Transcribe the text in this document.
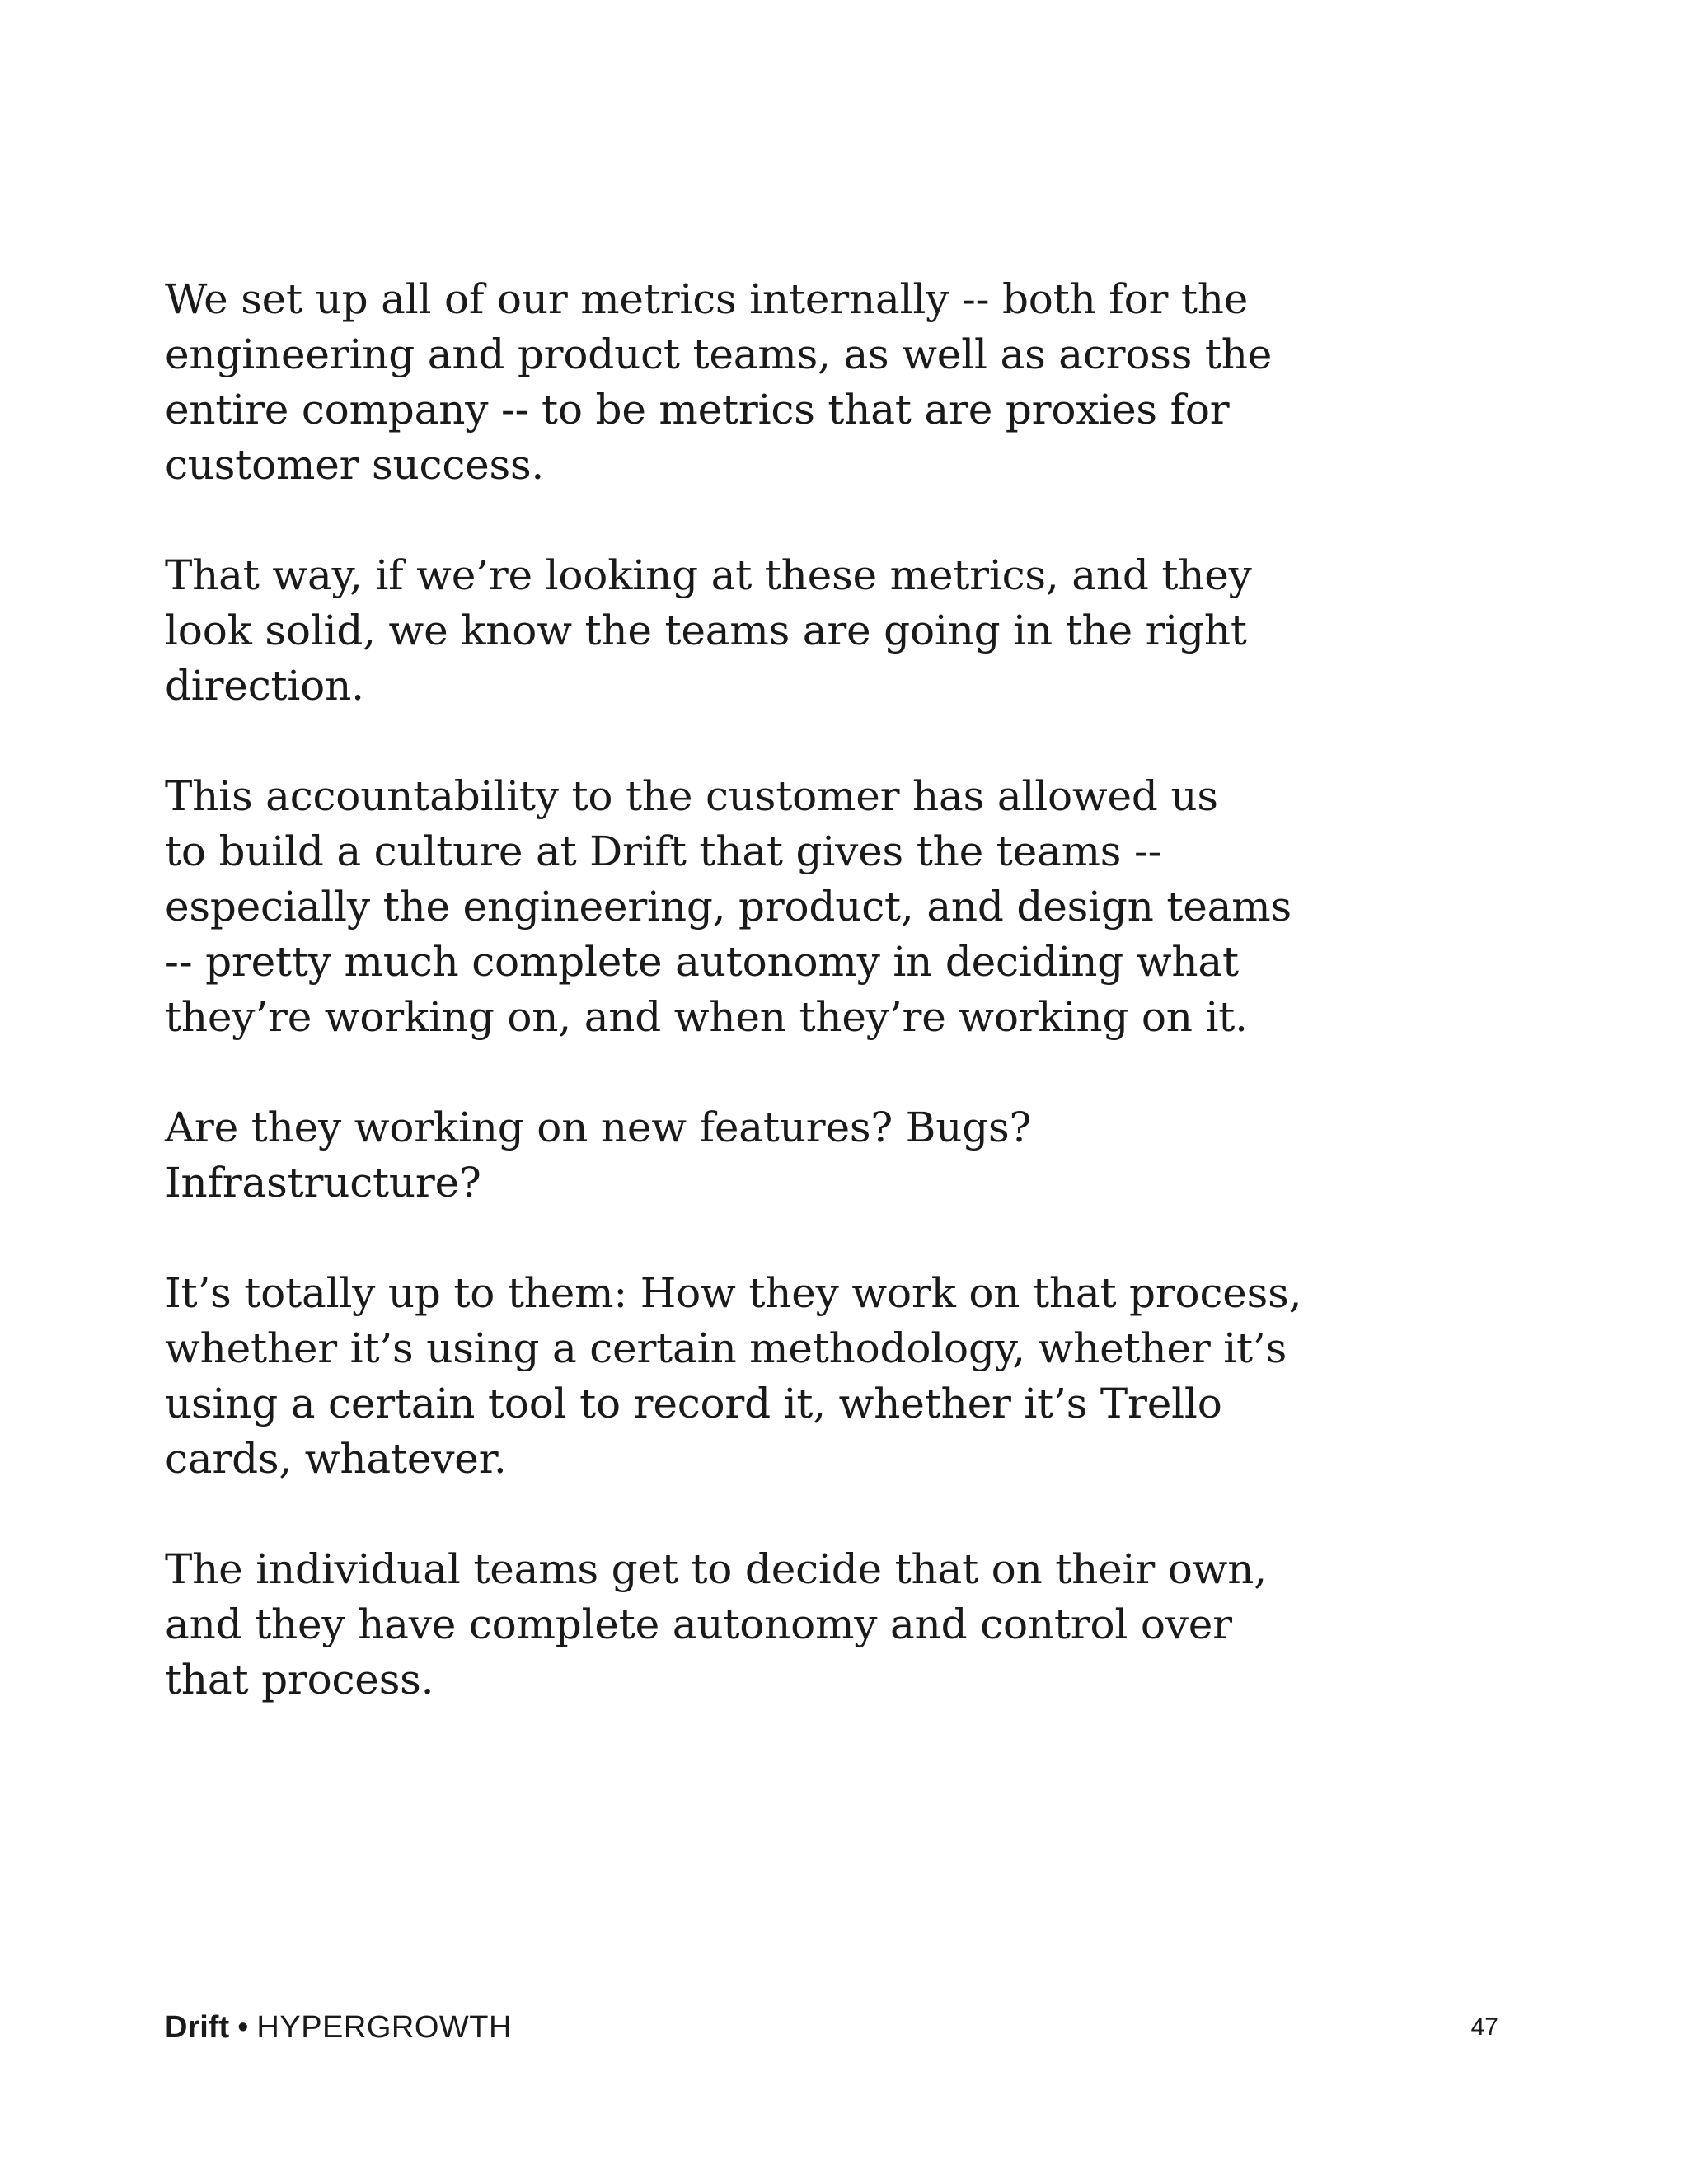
We set up all of our metrics internally -- both for the
engineering and product teams, as well as across the
entire company -- to be metrics that are proxies for
customer success.

That way, if we’re looking at these metrics, and they
look solid, we know the teams are going in the right
direction.

This accountability to the customer has allowed us
to build a culture at Drift that gives the teams --
especially the engineering, product, and design teams
-- pretty much complete autonomy in deciding what
they’re working on, and when they’re working on it.

Are they working on new features? Bugs?
Infrastructure?

It’s totally up to them: How they work on that process,
whether it’s using a certain methodology, whether it’s
using a certain tool to record it, whether it’s Trello
cards, whatever.

The individual teams get to decide that on their own,
and they have complete autonomy and control over
that process.

Drift • HYPERGROWTH	47
